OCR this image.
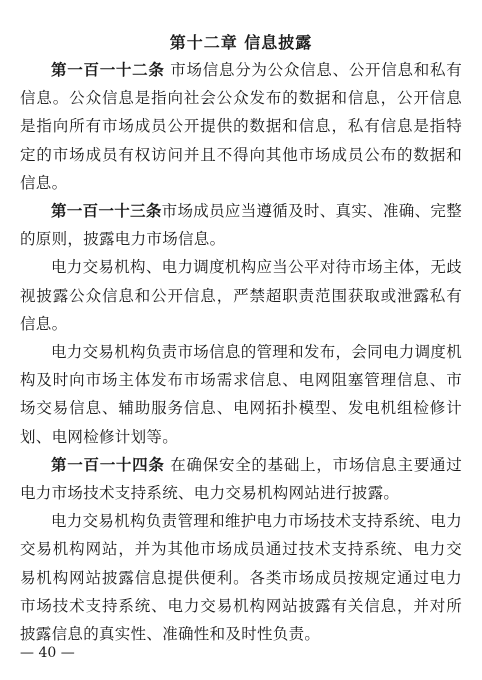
第十二章 信息披露

第一百一十二条 市场信息分为公众信息、公开信息和私有信息。公众信息是指向社会公众发布的数据和信息，公开信息是指向所有市场成员公开提供的数据和信息，私有信息是指特定的市场成员有权访问并且不得向其他市场成员公布的数据和信息。

第一百一十三条市场成员应当遵循及时、真实、准确、完整的原则，披露电力市场信息。

电力交易机构、电力调度机构应当公平对待市场主体，无歧视披露公众信息和公开信息，严禁超职责范围获取或泄露私有信息。

电力交易机构负责市场信息的管理和发布，会同电力调度机构及时向市场主体发布市场需求信息、电网阻塞管理信息、市场交易信息、辅助服务信息、电网拓扑模型、发电机组检修计划、电网检修计划等。

第一百一十四条 在确保安全的基础上，市场信息主要通过电力市场技术支持系统、电力交易机构网站进行披露。

电力交易机构负责管理和维护电力市场技术支持系统、电力交易机构网站，并为其他市场成员通过技术支持系统、电力交易机构网站披露信息提供便利。各类市场成员按规定通过电力市场技术支持系统、电力交易机构网站披露有关信息，并对所披露信息的真实性、准确性和及时性负责。

— 40 —
